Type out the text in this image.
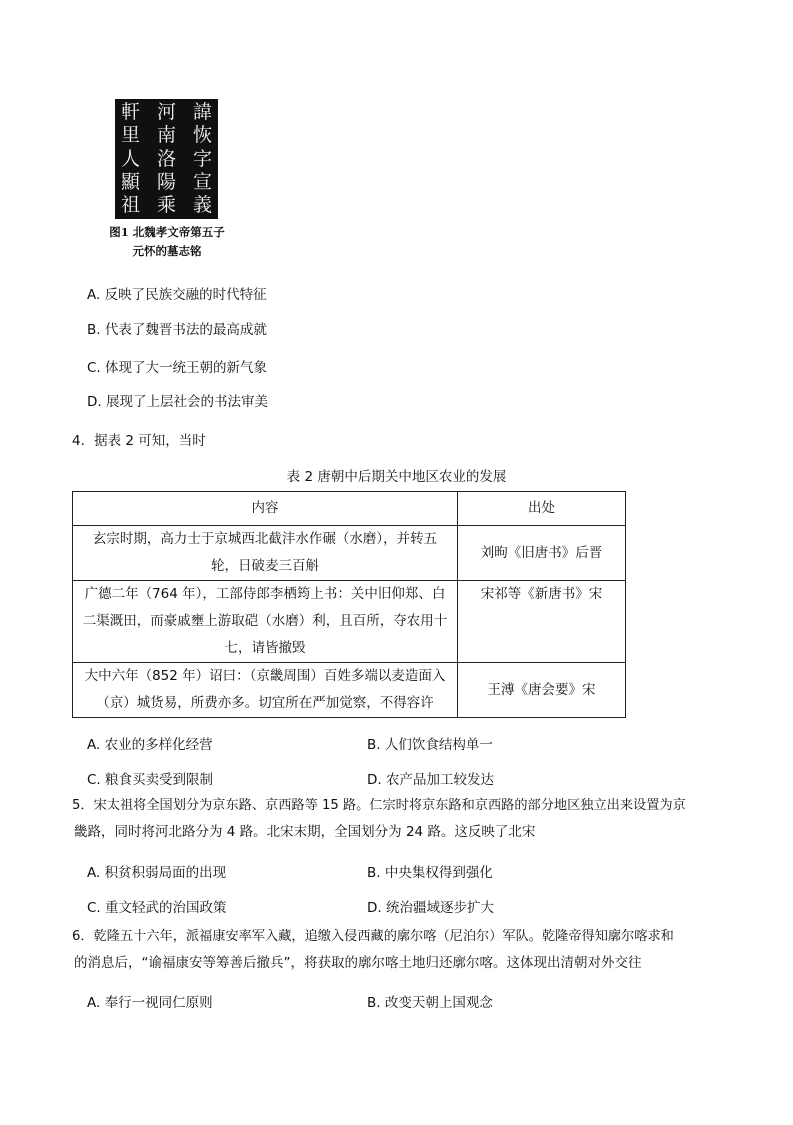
諱
恢
字
宣
義
河
南
洛
陽
乘
軒
里
人
顯
祖
图1 北魏孝文帝第五子
元怀的墓志铭
A. 反映了民族交融的时代特征
B. 代表了魏晋书法的最高成就
C. 体现了大一统王朝的新气象
D. 展现了上层社会的书法审美
4．据表 2 可知，当时
表 2 唐朝中后期关中地区农业的发展
内容	出处

玄宗时期，高力士于京城西北截沣水作碾（水磨），并转五
轮，日破麦三百斛	刘昫《旧唐书》后晋

广德二年（764 年），工部侍郎李栖筠上书：关中旧仰郑、白
二渠溉田，而豪戚壅上游取硙（水磨）利，且百所，夺农用十
七，请皆撤毁	宋祁等《新唐书》宋

大中六年（852 年）诏曰：（京畿周围）百姓多端以麦造面入
（京）城货易，所费亦多。切宜所在严加觉察，不得容许	王溥《唐会要》宋
A. 农业的多样化经营	B. 人们饮食结构单一
C. 粮食买卖受到限制	D. 农产品加工较发达
5．宋太祖将全国划分为京东路、京西路等 15 路。仁宗时将京东路和京西路的部分地区独立出来设置为京
畿路，同时将河北路分为 4 路。北宋末期，全国划分为 24 路。这反映了北宋
A. 积贫积弱局面的出现	B. 中央集权得到强化
C. 重文轻武的治国政策	D. 统治疆域逐步扩大
6．乾隆五十六年，派福康安率军入藏，追缴入侵西藏的廓尔喀（尼泊尔）军队。乾隆帝得知廓尔喀求和
的消息后，“谕福康安等筹善后撤兵”，将获取的廓尔喀土地归还廓尔喀。这体现出清朝对外交往
A. 奉行一视同仁原则	B. 改变天朝上国观念
